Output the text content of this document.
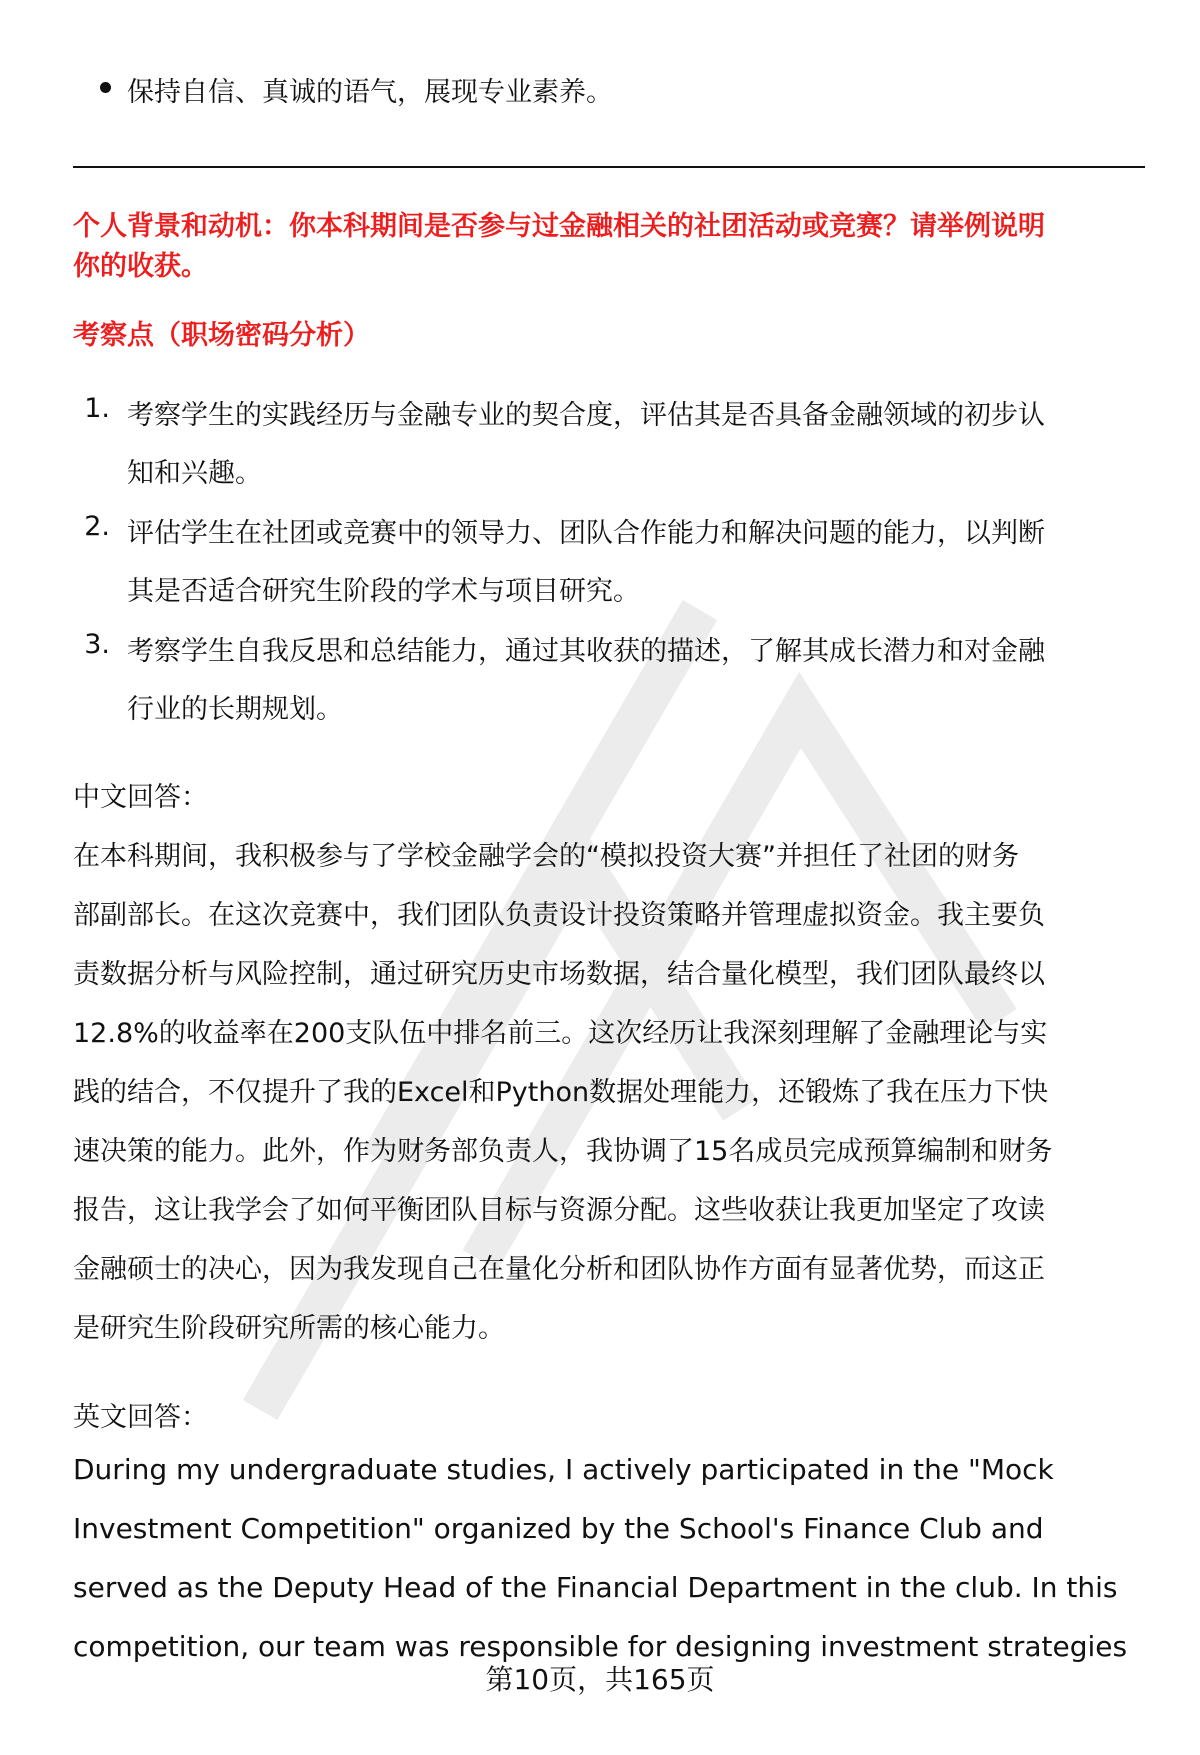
保持自信、真诚的语气，展现专业素养。
个人背景和动机：你本科期间是否参与过金融相关的社团活动或竞赛？请举例说明
你的收获。
考察点（职场密码分析）
1. 考察学生的实践经历与金融专业的契合度，评估其是否具备金融领域的初步认
知和兴趣。
2. 评估学生在社团或竞赛中的领导力、团队合作能力和解决问题的能力，以判断
其是否适合研究生阶段的学术与项目研究。
3. 考察学生自我反思和总结能力，通过其收获的描述，了解其成长潜力和对金融
行业的长期规划。
中文回答：
在本科期间，我积极参与了学校金融学会的“模拟投资大赛”并担任了社团的财务
部副部长。在这次竞赛中，我们团队负责设计投资策略并管理虚拟资金。我主要负
责数据分析与风险控制，通过研究历史市场数据，结合量化模型，我们团队最终以
12.8%的收益率在200支队伍中排名前三。这次经历让我深刻理解了金融理论与实
践的结合，不仅提升了我的Excel和Python数据处理能力，还锻炼了我在压力下快
速决策的能力。此外，作为财务部负责人，我协调了15名成员完成预算编制和财务
报告，这让我学会了如何平衡团队目标与资源分配。这些收获让我更加坚定了攻读
金融硕士的决心，因为我发现自己在量化分析和团队协作方面有显著优势，而这正
是研究生阶段研究所需的核心能力。
英文回答：
During my undergraduate studies, I actively participated in the "Mock
Investment Competition" organized by the School's Finance Club and
served as the Deputy Head of the Financial Department in the club. In this
competition, our team was responsible for designing investment strategies
第10页，共165页
